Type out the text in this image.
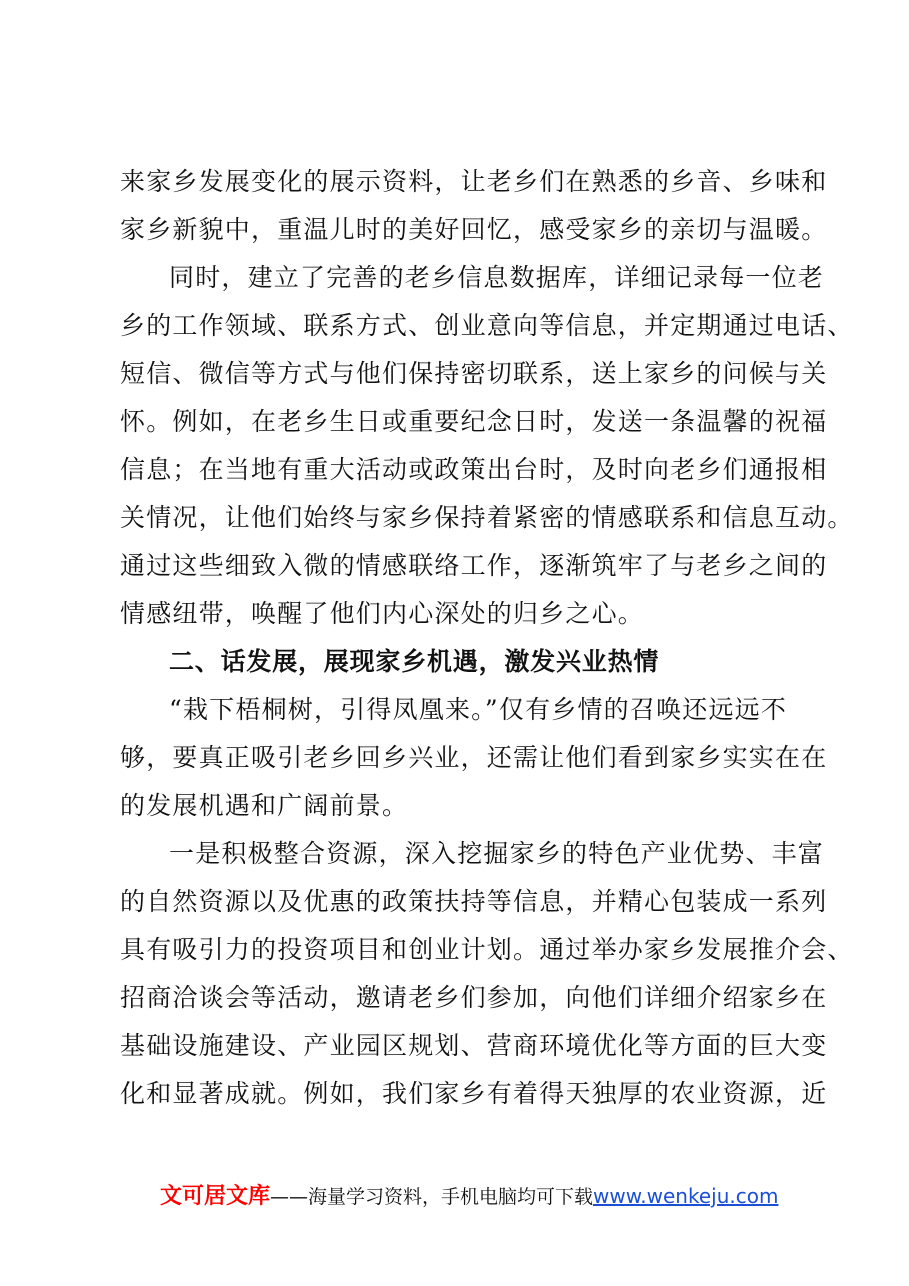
来家乡发展变化的展示资料，让老乡们在熟悉的乡音、乡味和
家乡新貌中，重温儿时的美好回忆，感受家乡的亲切与温暖。
同时，建立了完善的老乡信息数据库，详细记录每一位老
乡的工作领域、联系方式、创业意向等信息，并定期通过电话、
短信、微信等方式与他们保持密切联系，送上家乡的问候与关
怀。例如，在老乡生日或重要纪念日时，发送一条温馨的祝福
信息；在当地有重大活动或政策出台时，及时向老乡们通报相
关情况，让他们始终与家乡保持着紧密的情感联系和信息互动。
通过这些细致入微的情感联络工作，逐渐筑牢了与老乡之间的
情感纽带，唤醒了他们内心深处的归乡之心。
二、话发展，展现家乡机遇，激发兴业热情
“栽下梧桐树，引得凤凰来。”仅有乡情的召唤还远远不
够，要真正吸引老乡回乡兴业，还需让他们看到家乡实实在在
的发展机遇和广阔前景。
一是积极整合资源，深入挖掘家乡的特色产业优势、丰富
的自然资源以及优惠的政策扶持等信息，并精心包装成一系列
具有吸引力的投资项目和创业计划。通过举办家乡发展推介会、
招商洽谈会等活动，邀请老乡们参加，向他们详细介绍家乡在
基础设施建设、产业园区规划、营商环境优化等方面的巨大变
化和显著成就。例如，我们家乡有着得天独厚的农业资源，近
文可居文库——海量学习资料，手机电脑均可下载www.wenkeju.com
